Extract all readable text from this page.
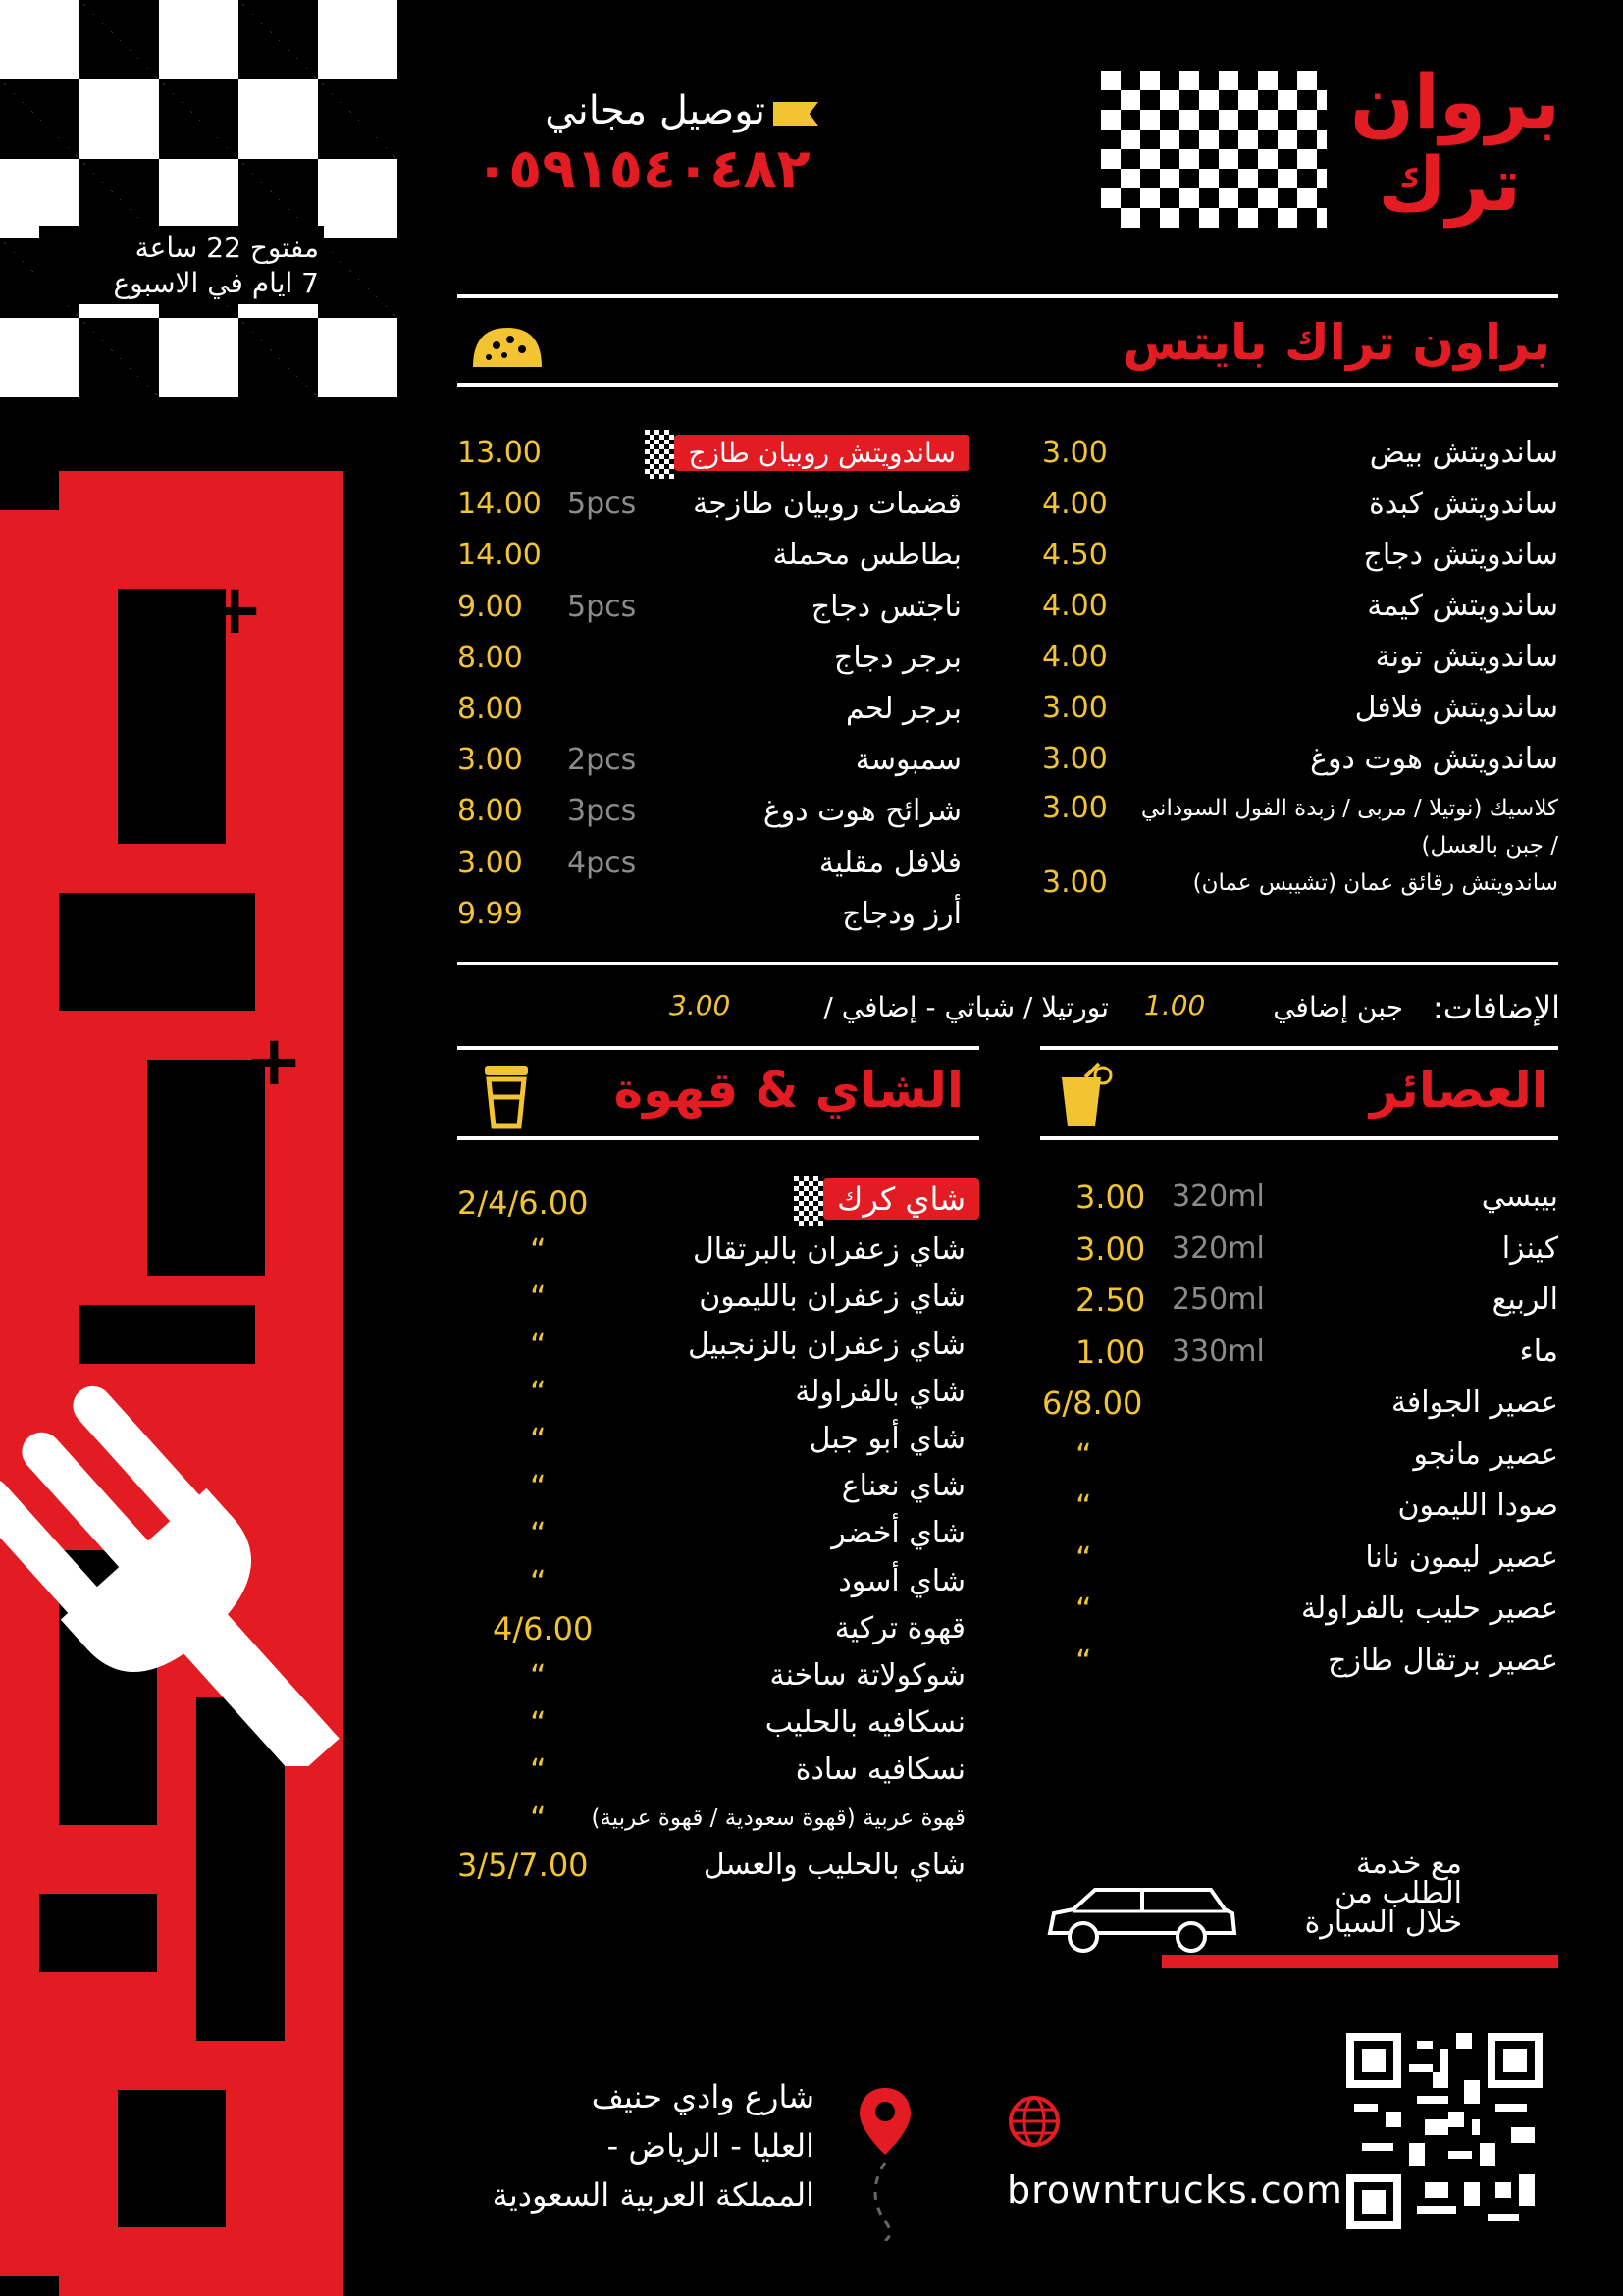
مفتوح 22 ساعة
7 ايام في الاسبوع
+
+
بروان
ترك
توصيل مجاني
٠٥٩١٥٤٠٤٨٢
براون تراك بايتس
ساندويتش بيض
3.00
ساندويتش كبدة
4.00
ساندويتش دجاج
4.50
ساندويتش كيمة
4.00
ساندويتش تونة
4.00
ساندويتش فلافل
3.00
ساندويتش هوت دوغ
3.00
كلاسيك (نوتيلا / مربى / زبدة الفول السوداني
/ جبن بالعسل)
3.00
ساندويتش رقائق عمان (تشيبس عمان)
3.00
ساندويتش روبيان طازج
13.00
قضمات روبيان طازجة
5pcs
14.00
بطاطس محملة
14.00
ناجتس دجاج
5pcs
9.00
برجر دجاج
8.00
برجر لحم
8.00
سمبوسة
2pcs
3.00
شرائح هوت دوغ
3pcs
8.00
فلافل مقلية
4pcs
3.00
أرز ودجاج
9.99
الإضافات:
جبن إضافي
1.00
تورتيلا / شباتي - إضافي /
3.00
العصائر
الشاي & قهوة
بيبسي
320ml
3.00
كينزا
320ml
3.00
الربيع
250ml
2.50
ماء
330ml
1.00
عصير الجوافة
6/8.00
عصير مانجو
“
صودا الليمون
“
عصير ليمون نانا
“
عصير حليب بالفراولة
“
عصير برتقال طازج
“
شاي كرك
2/4/6.00
شاي زعفران بالبرتقال
“
شاي زعفران بالليمون
“
شاي زعفران بالزنجبيل
“
شاي بالفراولة
“
شاي أبو جبل
“
شاي نعناع
“
شاي أخضر
“
شاي أسود
“
قهوة تركية
4/6.00
شوكولاتة ساخنة
“
نسكافيه بالحليب
“
نسكافيه سادة
“
قهوة عربية (قهوة سعودية / قهوة عربية)
“
شاي بالحليب والعسل
3/5/7.00	مع خدمة
الطلب من
خلال السيارة
شارع وادي حنيف
العليا - الرياض -
المملكة العربية السعودية	browntrucks.com
